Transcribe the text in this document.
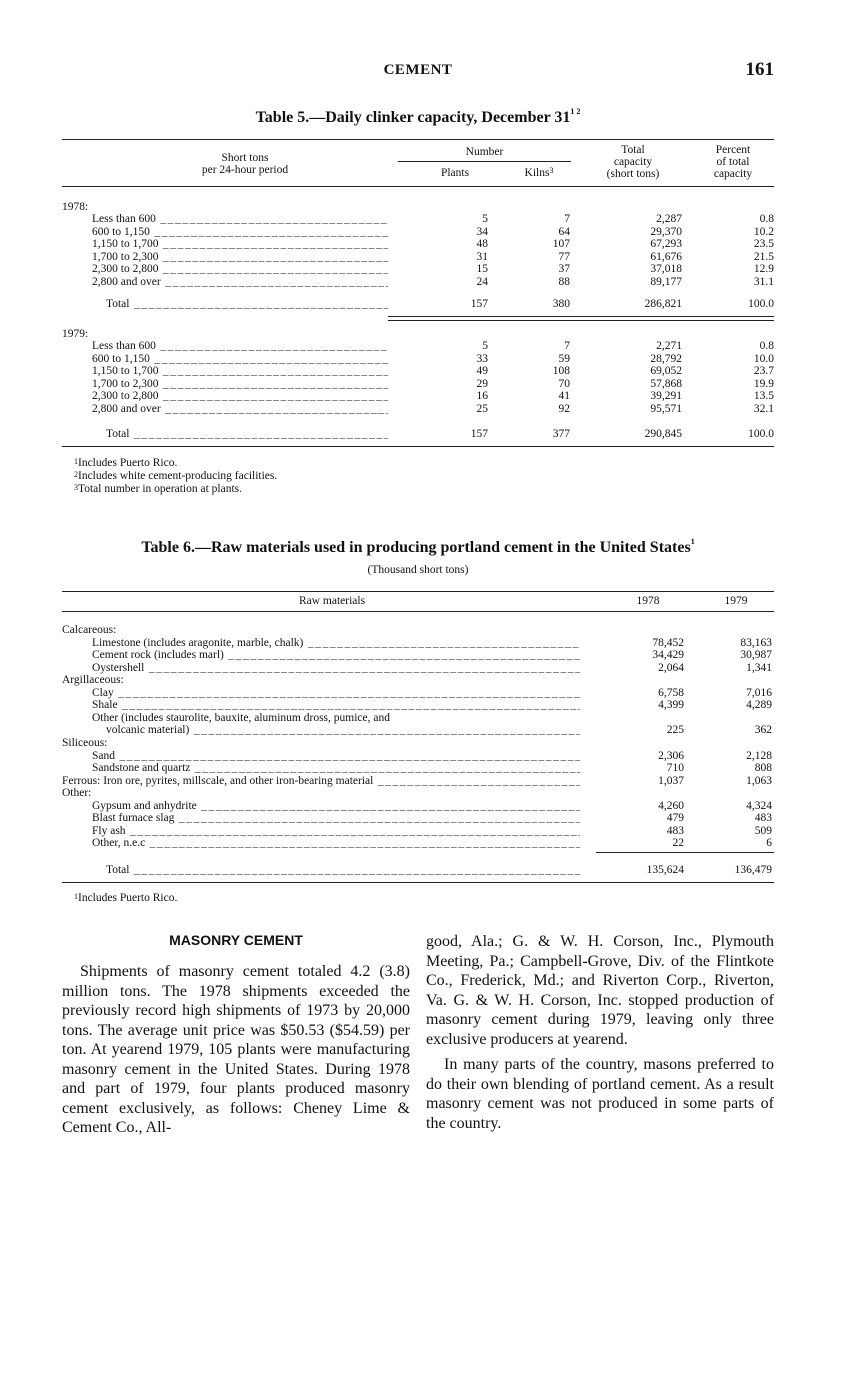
CEMENT	161
Table 5.—Daily clinker capacity, December $31^{1 2}$
Short tons
per 24-hour period
Number
Plants	Kilns$^3$
Total
capacity
(short tons)
Percent
of total
capacity
1978:
Less than 600 _____	5	7	2,287	0.8
600 to 1,150 _____	34	64	29,370	10.2
1,150 to 1,700 _____	48	107	67,293	23.5
1,700 to 2,300 _____	31	77	61,676	21.5
2,300 to 2,800 _____	15	37	37,018	12.9
2,800 and over _____	24	88	89,177	31.1
Total _____	157	380	286,821	100.0
1979:
Less than 600 _____	5	7	2,271	0.8
600 to 1,150 _____	33	59	28,792	10.0
1,150 to 1,700 _____	49	108	69,052	23.7
1,700 to 2,300 _____	29	70	57,868	19.9
2,300 to 2,800 _____	16	41	39,291	13.5
2,800 and over _____	25	92	95,571	32.1
Total _____	157	377	290,845	100.0
$^1$Includes Puerto Rico.
$^2$Includes white cement-producing facilities.
$^3$Total number in operation at plants.
Table 6.—Raw materials used in producing portland cement in the United States$^1$
(Thousand short tons)
Raw materials	1978	1979
Calcareous:
Limestone (includes aragonite, marble, chalk) _____	78,452	83,163
Cement rock (includes marl) _____	34,429	30,987
Oystershell _____	2,064	1,341
Argillaceous:
Clay _____	6,758	7,016
Shale _____	4,399	4,289
Other (includes staurolite, bauxite, aluminum dross, pumice, and
volcanic material) _____	225	362
Siliceous:
Sand _____	2,306	2,128
Sandstone and quartz _____	710	808
Ferrous: Iron ore, pyrites, millscale, and other iron-bearing material _____	1,037	1,063
Other:
Gypsum and anhydrite _____	4,260	4,324
Blast furnace slag _____	479	483
Fly ash _____	483	509
Other, n.e.c _____	22	6
Total _____	135,624	136,479
$^1$Includes Puerto Rico.
MASONRY CEMENT

Shipments of masonry cement totaled 4.2 (3.8) million tons. The 1978 shipments exceeded the previously record high shipments of 1973 by 20,000 tons. The average unit price was $50.53 ($54.59) per ton. At yearend 1979, 105 plants were manufacturing masonry cement in the United States. During 1978 and part of 1979, four plants produced masonry cement exclusively, as follows: Cheney Lime & Cement Co., All-

good, Ala.; G. & W. H. Corson, Inc., Plymouth Meeting, Pa.; Campbell-Grove, Div. of the Flintkote Co., Frederick, Md.; and Riverton Corp., Riverton, Va. G. & W. H. Corson, Inc. stopped production of masonry cement during 1979, leaving only three exclusive producers at yearend.

In many parts of the country, masons preferred to do their own blending of portland cement. As a result masonry cement was not produced in some parts of the country.
